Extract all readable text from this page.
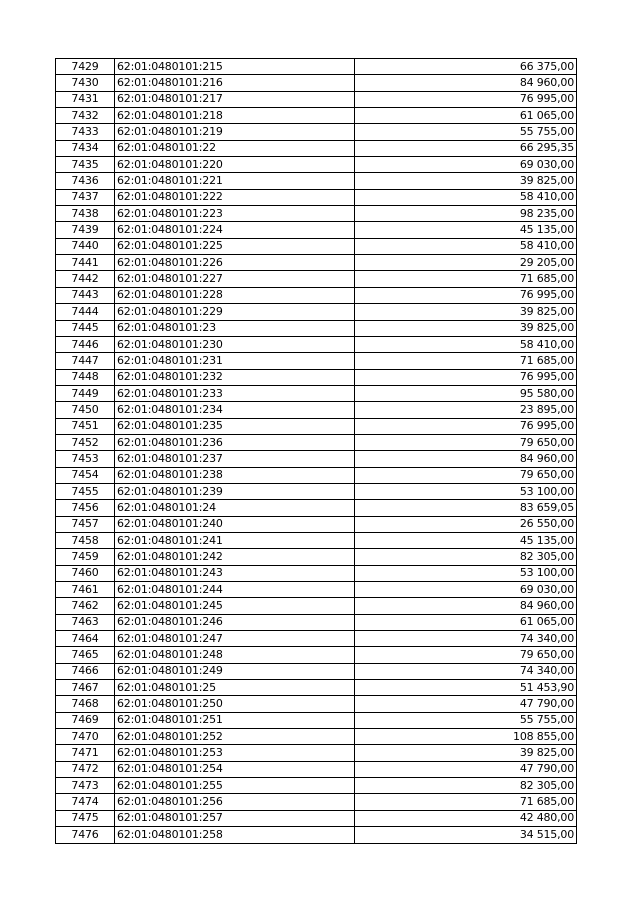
7429	62:01:0480101:215	66 375,00
7430	62:01:0480101:216	84 960,00
7431	62:01:0480101:217	76 995,00
7432	62:01:0480101:218	61 065,00
7433	62:01:0480101:219	55 755,00
7434	62:01:0480101:22	66 295,35
7435	62:01:0480101:220	69 030,00
7436	62:01:0480101:221	39 825,00
7437	62:01:0480101:222	58 410,00
7438	62:01:0480101:223	98 235,00
7439	62:01:0480101:224	45 135,00
7440	62:01:0480101:225	58 410,00
7441	62:01:0480101:226	29 205,00
7442	62:01:0480101:227	71 685,00
7443	62:01:0480101:228	76 995,00
7444	62:01:0480101:229	39 825,00
7445	62:01:0480101:23	39 825,00
7446	62:01:0480101:230	58 410,00
7447	62:01:0480101:231	71 685,00
7448	62:01:0480101:232	76 995,00
7449	62:01:0480101:233	95 580,00
7450	62:01:0480101:234	23 895,00
7451	62:01:0480101:235	76 995,00
7452	62:01:0480101:236	79 650,00
7453	62:01:0480101:237	84 960,00
7454	62:01:0480101:238	79 650,00
7455	62:01:0480101:239	53 100,00
7456	62:01:0480101:24	83 659,05
7457	62:01:0480101:240	26 550,00
7458	62:01:0480101:241	45 135,00
7459	62:01:0480101:242	82 305,00
7460	62:01:0480101:243	53 100,00
7461	62:01:0480101:244	69 030,00
7462	62:01:0480101:245	84 960,00
7463	62:01:0480101:246	61 065,00
7464	62:01:0480101:247	74 340,00
7465	62:01:0480101:248	79 650,00
7466	62:01:0480101:249	74 340,00
7467	62:01:0480101:25	51 453,90
7468	62:01:0480101:250	47 790,00
7469	62:01:0480101:251	55 755,00
7470	62:01:0480101:252	108 855,00
7471	62:01:0480101:253	39 825,00
7472	62:01:0480101:254	47 790,00
7473	62:01:0480101:255	82 305,00
7474	62:01:0480101:256	71 685,00
7475	62:01:0480101:257	42 480,00
7476	62:01:0480101:258	34 515,00
